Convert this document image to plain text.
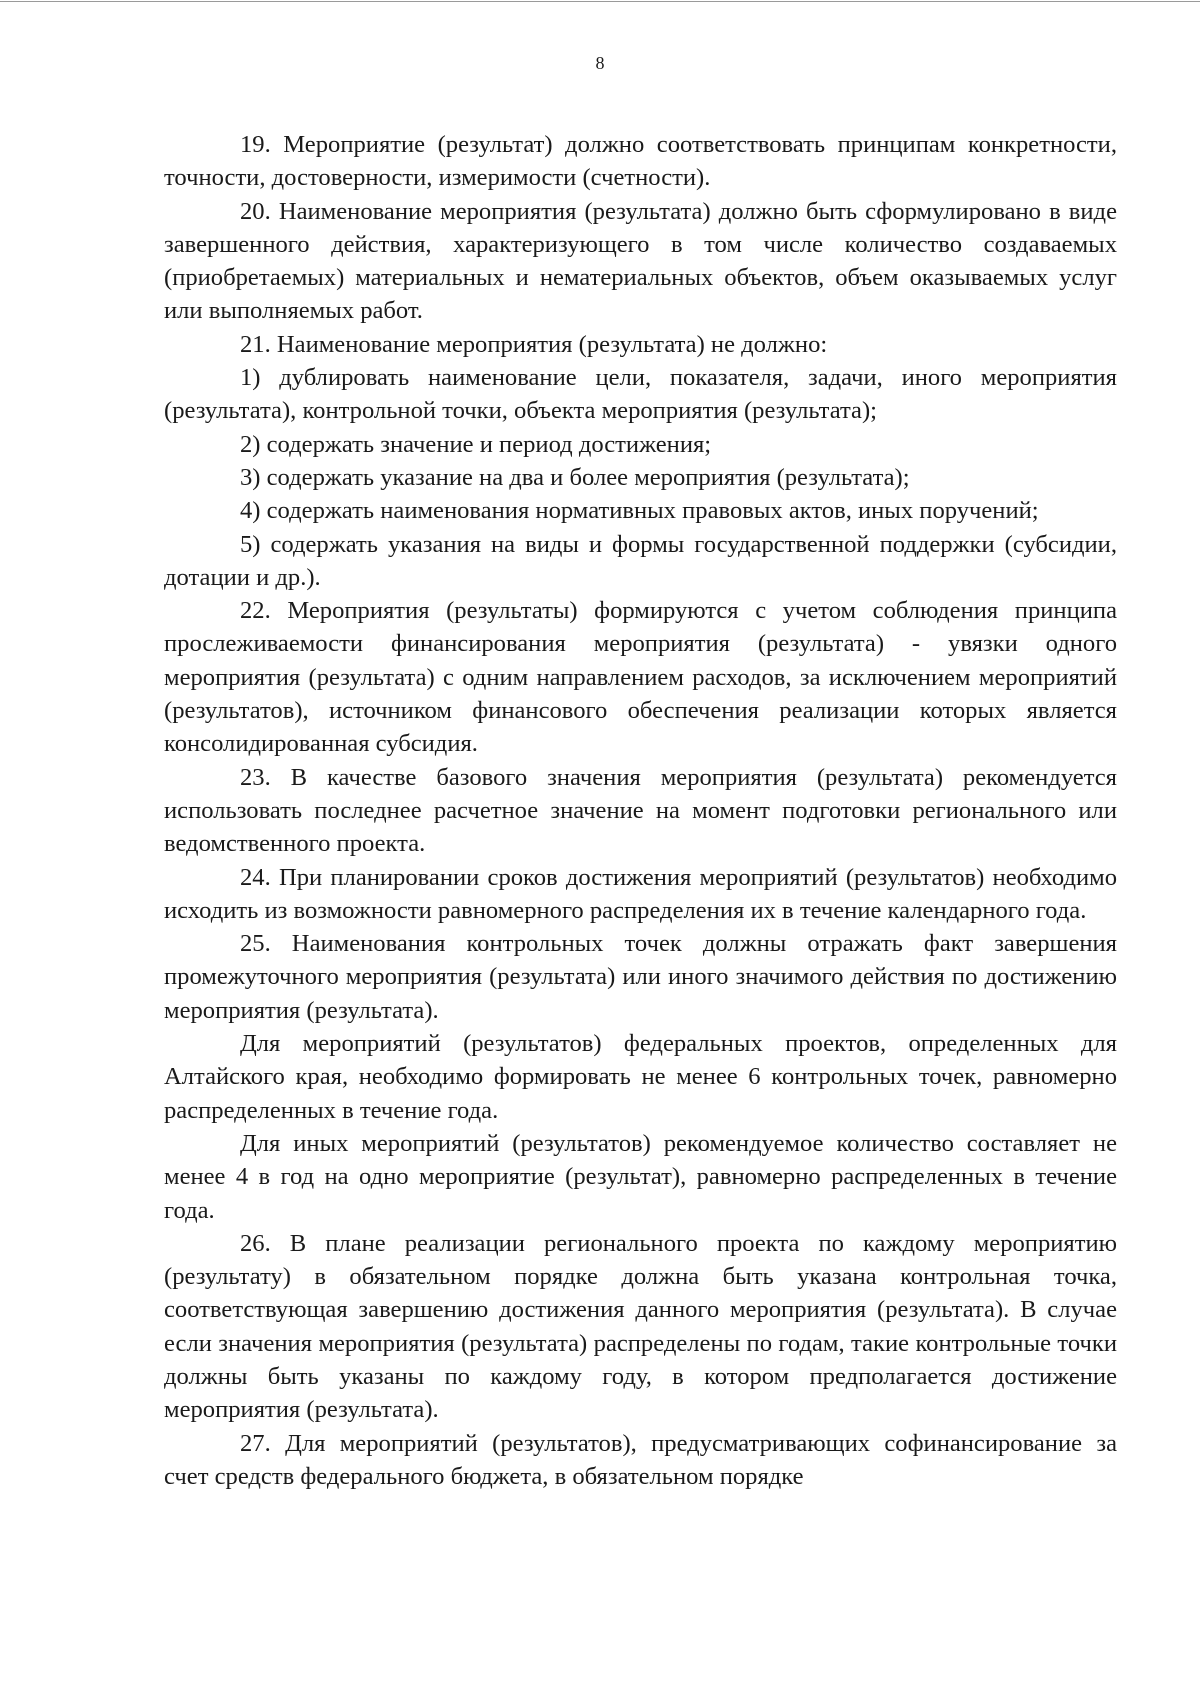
8

19. Мероприятие (результат) должно соответствовать принципам конкретности, точности, достоверности, измеримости (счетности).

20. Наименование мероприятия (результата) должно быть сформулировано в виде завершенного действия, характеризующего в том числе количество создаваемых (приобретаемых) материальных и нематериальных объектов, объем оказываемых услуг или выполняемых работ.

21. Наименование мероприятия (результата) не должно:

1) дублировать наименование цели, показателя, задачи, иного мероприятия (результата), контрольной точки, объекта мероприятия (результата);

2) содержать значение и период достижения;

3) содержать указание на два и более мероприятия (результата);

4) содержать наименования нормативных правовых актов, иных поручений;

5) содержать указания на виды и формы государственной поддержки (субсидии, дотации и др.).

22. Мероприятия (результаты) формируются с учетом соблюдения принципа прослеживаемости финансирования мероприятия (результата) - увязки одного мероприятия (результата) с одним направлением расходов, за исключением мероприятий (результатов), источником финансового обеспечения реализации которых является консолидированная субсидия.

23. В качестве базового значения мероприятия (результата) рекомендуется использовать последнее расчетное значение на момент подготовки регионального или ведомственного проекта.

24. При планировании сроков достижения мероприятий (результатов) необходимо исходить из возможности равномерного распределения их в течение календарного года.

25. Наименования контрольных точек должны отражать факт завершения промежуточного мероприятия (результата) или иного значимого действия по достижению мероприятия (результата).

Для мероприятий (результатов) федеральных проектов, определенных для Алтайского края, необходимо формировать не менее 6 контрольных точек, равномерно распределенных в течение года.

Для иных мероприятий (результатов) рекомендуемое количество составляет не менее 4 в год на одно мероприятие (результат), равномерно распределенных в течение года.

26. В плане реализации регионального проекта по каждому мероприятию (результату) в обязательном порядке должна быть указана контрольная точка, соответствующая завершению достижения данного мероприятия (результата). В случае если значения мероприятия (результата) распределены по годам, такие контрольные точки должны быть указаны по каждому году, в котором предполагается достижение мероприятия (результата).

27. Для мероприятий (результатов), предусматривающих софинансирование за счет средств федерального бюджета, в обязательном порядке
